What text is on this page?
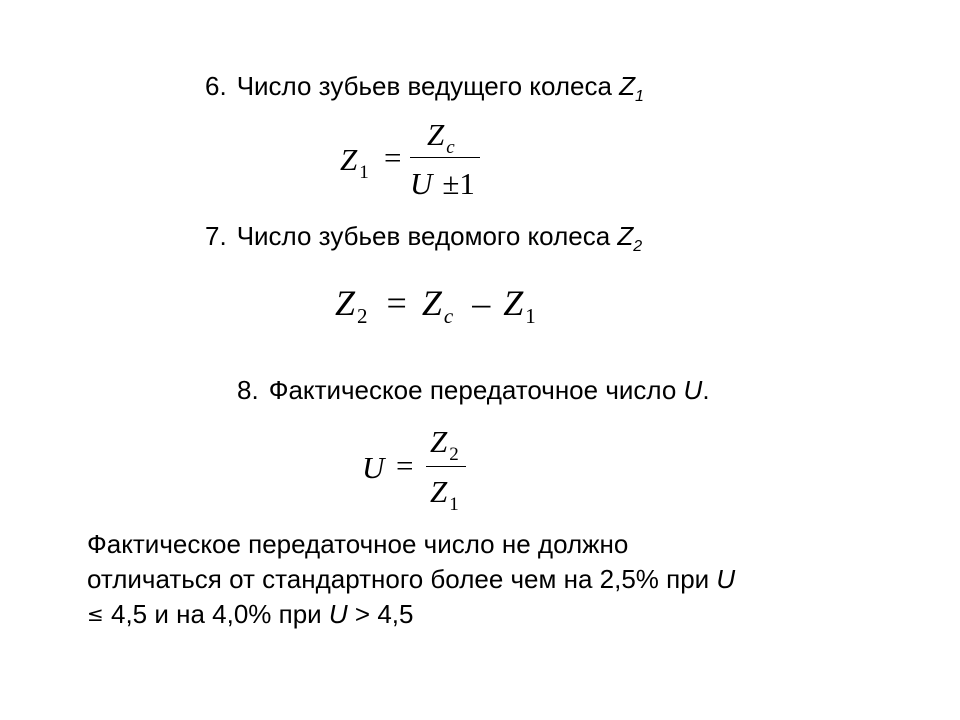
6. Число зубьев ведущего колеса $Z_1$
Z $_1$ =
Z $_c$
U ±1
7. Число зубьев ведомого колеса $Z_2$
$Z_2 = Z_c - Z_1$
8. Фактическое передаточное число U.
U =
Z $_2$
Z $_1$
Фактическое передаточное число не должно
отличаться от стандартного более чем на 2,5% при U
≤ 4,5 и на 4,0% при U > 4,5
